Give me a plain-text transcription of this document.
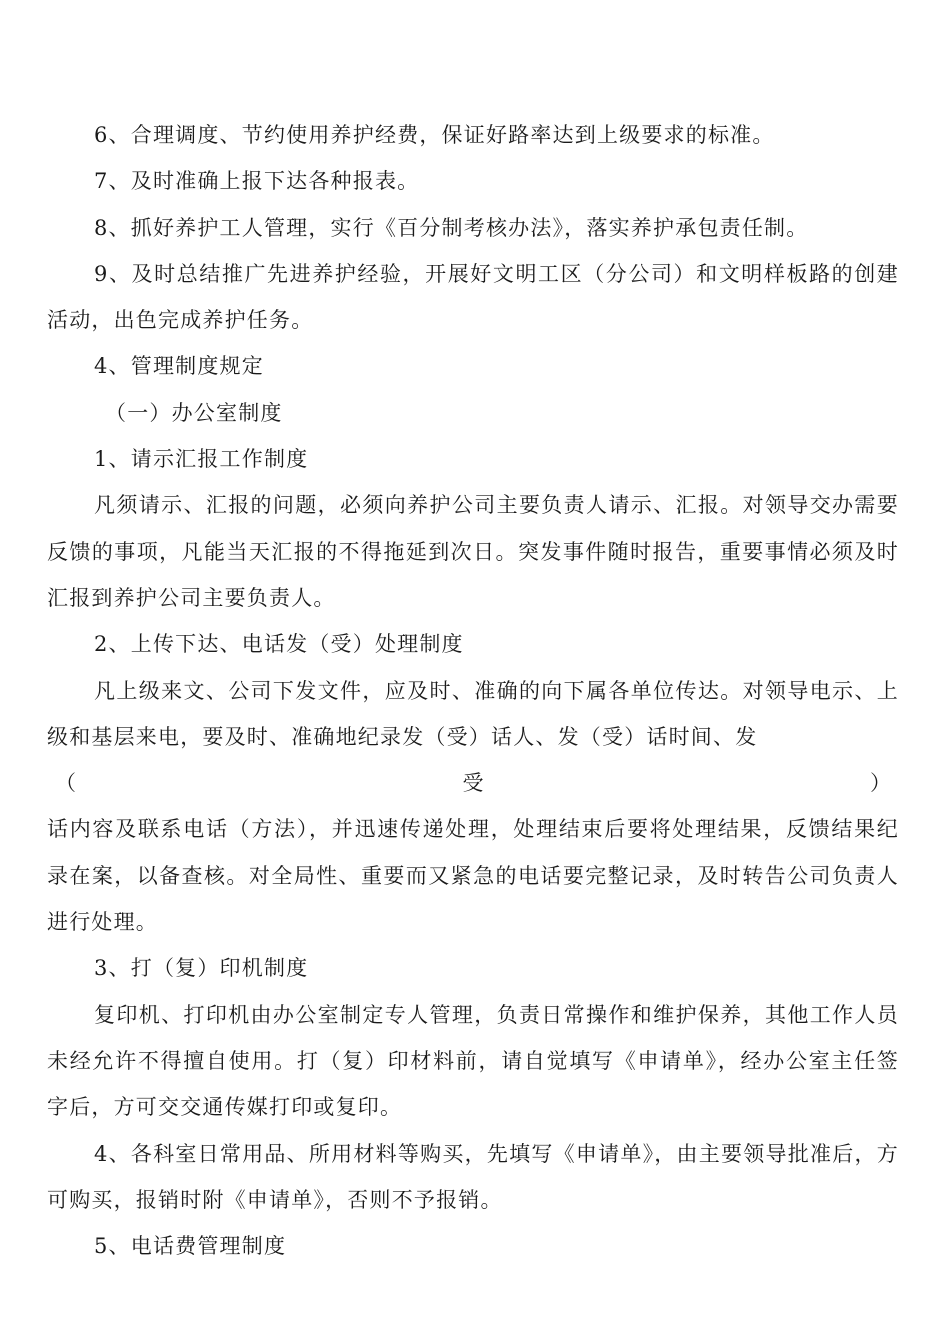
6、合理调度、节约使用养护经费，保证好路率达到上级要求的标准。

7、及时准确上报下达各种报表。

8、抓好养护工人管理，实行《百分制考核办法》，落实养护承包责任制。

9、及时总结推广先进养护经验，开展好文明工区（分公司）和文明样板路的创建活动，出色完成养护任务。

4、管理制度规定

（一）办公室制度

1、请示汇报工作制度

凡须请示、汇报的问题，必须向养护公司主要负责人请示、汇报。对领导交办需要反馈的事项，凡能当天汇报的不得拖延到次日。突发事件随时报告，重要事情必须及时汇报到养护公司主要负责人。

2、上传下达、电话发（受）处理制度

凡上级来文、公司下发文件，应及时、准确的向下属各单位传达。对领导电示、上级和基层来电，要及时、准确地纪录发（受）话人、发（受）话时间、发

（	受	）

话内容及联系电话（方法），并迅速传递处理，处理结束后要将处理结果，反馈结果纪录在案，以备查核。对全局性、重要而又紧急的电话要完整记录，及时转告公司负责人进行处理。

3、打（复）印机制度

复印机、打印机由办公室制定专人管理，负责日常操作和维护保养，其他工作人员未经允许不得擅自使用。打（复）印材料前，请自觉填写《申请单》，经办公室主任签字后，方可交交通传媒打印或复印。

4、各科室日常用品、所用材料等购买，先填写《申请单》，由主要领导批准后，方可购买，报销时附《申请单》，否则不予报销。

5、电话费管理制度
